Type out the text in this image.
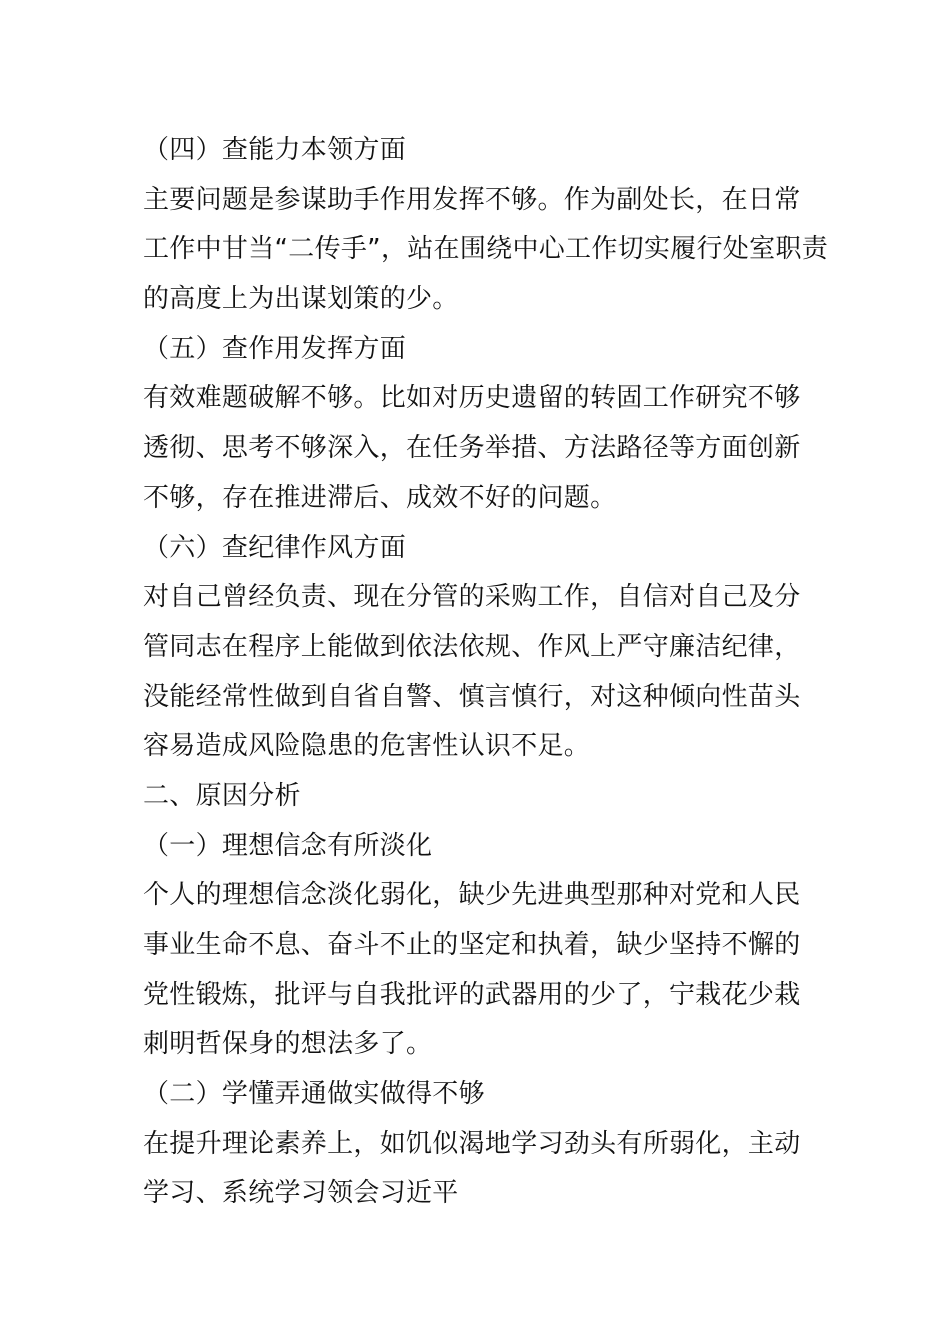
（四）查能力本领方面
主要问题是参谋助手作用发挥不够。作为副处长，在日常
工作中甘当“二传手”，站在围绕中心工作切实履行处室职责
的高度上为出谋划策的少。
（五）查作用发挥方面
有效难题破解不够。比如对历史遗留的转固工作研究不够
透彻、思考不够深入，在任务举措、方法路径等方面创新
不够，存在推进滞后、成效不好的问题。
（六）查纪律作风方面
对自己曾经负责、现在分管的采购工作，自信对自己及分
管同志在程序上能做到依法依规、作风上严守廉洁纪律，
没能经常性做到自省自警、慎言慎行，对这种倾向性苗头
容易造成风险隐患的危害性认识不足。
二、原因分析
（一）理想信念有所淡化
个人的理想信念淡化弱化，缺少先进典型那种对党和人民
事业生命不息、奋斗不止的坚定和执着，缺少坚持不懈的
党性锻炼，批评与自我批评的武器用的少了，宁栽花少栽
刺明哲保身的想法多了。
（二）学懂弄通做实做得不够
在提升理论素养上，如饥似渴地学习劲头有所弱化，主动
学习、系统学习领会习近平
